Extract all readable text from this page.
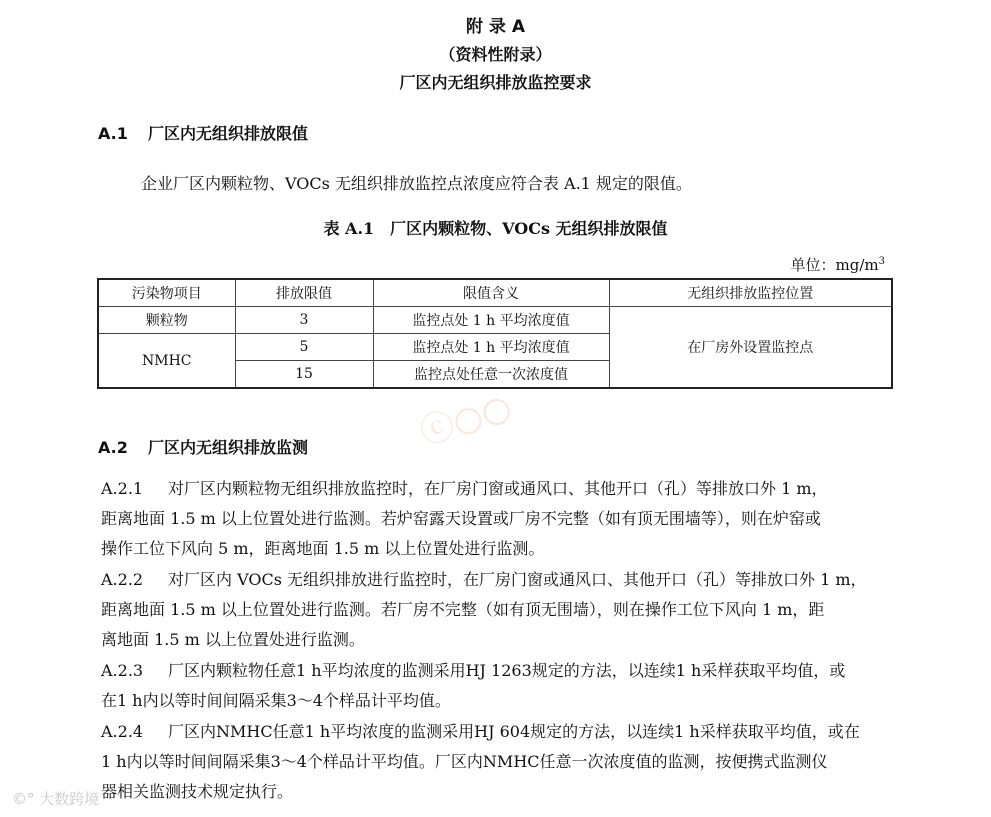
附 录 A
（资料性附录）
厂区内无组织排放监控要求
A.1 厂区内无组织排放限值
企业厂区内颗粒物、VOCs 无组织排放监控点浓度应符合表 A.1 规定的限值。
表 A.1　厂区内颗粒物、VOCs 无组织排放限值
单位：$mg/m^3$
污染物项目	排放限值	限值含义	无组织排放监控位置
颗粒物	3	监控点处 1 h 平均浓度值	在厂房外设置监控点
NMHC	5	监控点处 1 h 平均浓度值	
	15	监控点处任意一次浓度值	
ⓒ○○
A.2 厂区内无组织排放监测
A.2.1 对厂区内颗粒物无组织排放监控时，在厂房门窗或通风口、其他开口（孔）等排放口外 1 m，
距离地面 1.5 m 以上位置处进行监测。若炉窑露天设置或厂房不完整（如有顶无围墙等），则在炉窑或
操作工位下风向 5 m，距离地面 1.5 m 以上位置处进行监测。
A.2.2 对厂区内 VOCs 无组织排放进行监控时，在厂房门窗或通风口、其他开口（孔）等排放口外 1 m，
距离地面 1.5 m 以上位置处进行监测。若厂房不完整（如有顶无围墙），则在操作工位下风向 1 m，距
离地面 1.5 m 以上位置处进行监测。
A.2.3 厂区内颗粒物任意1 h平均浓度的监测采用HJ 1263规定的方法，以连续1 h采样获取平均值，或
在1 h内以等时间间隔采集3～4个样品计平均值。
A.2.4 厂区内NMHC任意1 h平均浓度的监测采用HJ 604规定的方法，以连续1 h采样获取平均值，或在
1 h内以等时间间隔采集3～4个样品计平均值。厂区内NMHC任意一次浓度值的监测，按便携式监测仪
器相关监测技术规定执行。
©° 大数跨境
